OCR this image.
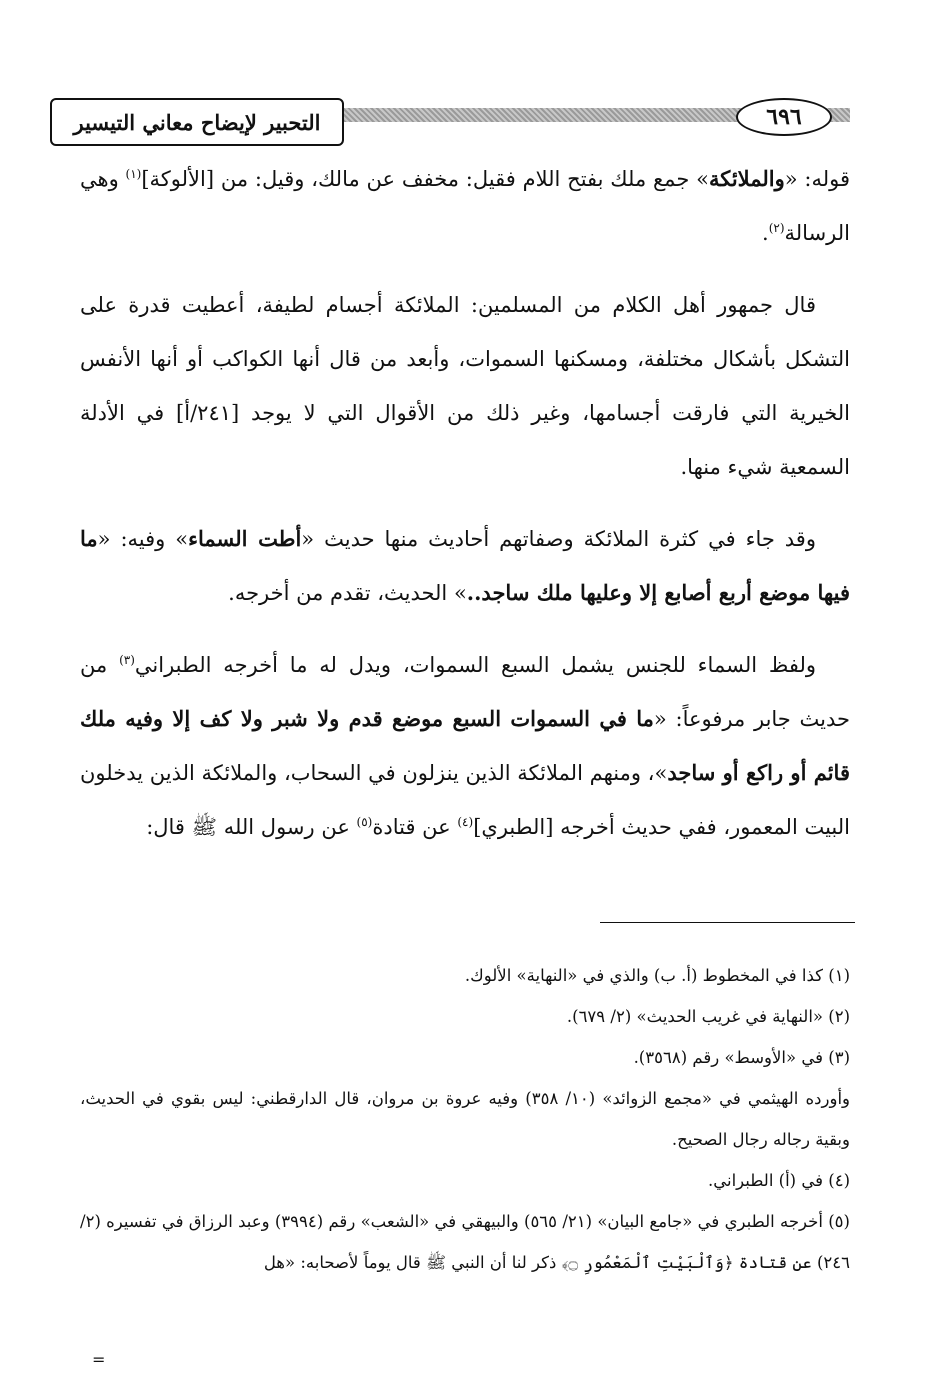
التحبير لإيضاح معاني التيسير	٦٩٦

قوله: «والملائكة» جمع ملك بفتح اللام فقيل: مخفف عن مالك، وقيل: من [الألوكة]$^{(١)}$ وهي الرسالة$^{(٢)}$.

قال جمهور أهل الكلام من المسلمين: الملائكة أجسام لطيفة، أعطيت قدرة على التشكل بأشكال مختلفة، ومسكنها السموات، وأبعد من قال أنها الكواكب أو أنها الأنفس الخيرية التي فارقت أجسامها، وغير ذلك من الأقوال التي لا يوجد [٢٤١/أ] في الأدلة السمعية شيء منها.

وقد جاء في كثرة الملائكة وصفاتهم أحاديث منها حديث «أطت السماء» وفيه: «ما فيها موضع أربع أصابع إلا وعليها ملك ساجد..» الحديث، تقدم من أخرجه.

ولفظ السماء للجنس يشمل السبع السموات، ويدل له ما أخرجه الطبراني$^{(٣)}$ من حديث جابر مرفوعاً: «ما في السموات السبع موضع قدم ولا شبر ولا كف إلا وفيه ملك قائم أو راكع أو ساجد»، ومنهم الملائكة الذين ينزلون في السحاب، والملائكة الذين يدخلون البيت المعمور، ففي حديث أخرجه [الطبري]$^{(٤)}$ عن قتادة$^{(٥)}$ عن رسول الله ﷺ قال:

(١) كذا في المخطوط (أ. ب) والذي في «النهاية» الألوك.

(٢) «النهاية في غريب الحديث» (٢/ ٦٧٩).

(٣) في «الأوسط» رقم (٣٥٦٨).

وأورده الهيثمي في «مجمع الزوائد» (١٠/ ٣٥٨) وفيه عروة بن مروان، قال الدارقطني: ليس بقوي في الحديث، وبقية رجاله رجال الصحيح.

(٤) في (أ) الطبراني.

(٥) أخرجه الطبري في «جامع البيان» (٢١/ ٥٦٥) والبيهقي في «الشعب» رقم (٣٩٩٤) وعبد الرزاق في تفسيره (٢/ ٢٤٦) عن قتادة ﴿وَٱلْبَيْتِ ٱلْمَعْمُورِ ۝﴾ ذكر لنا أن النبي ﷺ قال يوماً لأصحابه: «هل

=
